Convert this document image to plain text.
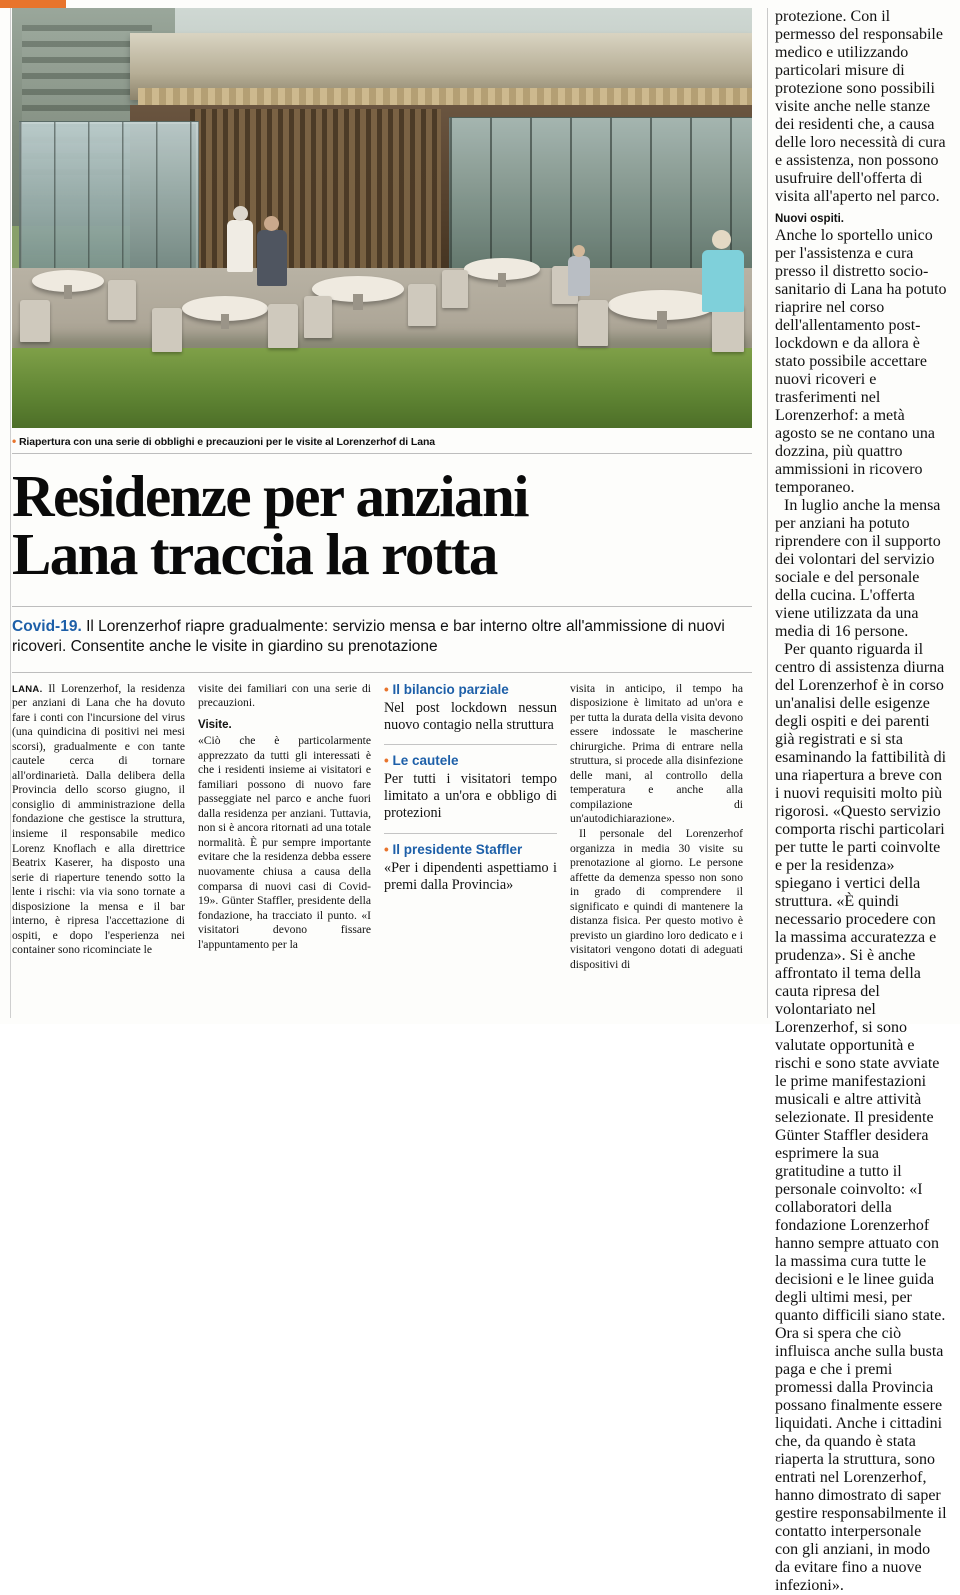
• Riapertura con una serie di obblighi e precauzioni per le visite al Lorenzerhof di Lana
Residenze per anziani
Lana traccia la rotta
Covid-19. Il Lorenzerhof riapre gradualmente: servizio mensa e bar interno oltre all'ammissione di nuovi ricoveri. Consentite anche le visite in giardino su prenotazione

LANA. Il Lorenzerhof, la residenza per anziani di Lana che ha dovuto fare i conti con l'incursione del virus (una quindicina di positivi nei mesi scorsi), gradualmente e con tante cautele cerca di tornare all'ordinarietà. Dalla delibera della Provincia dello scorso giugno, il consiglio di amministrazione della fondazione che gestisce la struttura, insieme il responsabile medico Lorenz Knoflach e alla direttrice Beatrix Kaserer, ha disposto una serie di riaperture tenendo sotto la lente i rischi: via via sono tornate a disposizione la mensa e il bar interno, è ripresa l'accettazione di ospiti, e dopo l'esperienza nei container sono ricominciate le

visite dei familiari con una serie di precauzioni.

Visite.

«Ciò che è particolarmente apprezzato da tutti gli interessati è che i residenti insieme ai visitatori e familiari possono di nuovo fare passeggiate nel parco e anche fuori dalla residenza per anziani. Tuttavia, non si è ancora ritornati ad una totale normalità. È pur sempre importante evitare che la residenza debba essere nuovamente chiusa a causa della comparsa di nuovi casi di Covid-19». Günter Staffler, presidente della fondazione, ha tracciato il punto. «I visitatori devono fissare l'appuntamento per la

• Il bilancio parziale
Nel post lockdown nessun nuovo contagio nella struttura
• Le cautele
Per tutti i visitatori tempo limitato a un'ora e obbligo di protezioni
• Il presidente Staffler
«Per i dipendenti aspettiamo i premi dalla Provincia»

visita in anticipo, il tempo ha disposizione è limitato ad un'ora e per tutta la durata della visita devono essere indossate le mascherine chirurgiche. Prima di entrare nella struttura, si procede alla disinfezione delle mani, al controllo della temperatura e anche alla compilazione di un'autodichiarazione».

Il personale del Lorenzerhof organizza in media 30 visite su prenotazione al giorno. Le persone affette da demenza spesso non sono in grado di comprendere il significato e quindi di mantenere la distanza fisica. Per questo motivo è previsto un giardino loro dedicato e i visitatori vengono dotati di adeguati dispositivi di

protezione. Con il permesso del responsabile medico e utilizzando particolari misure di protezione sono possibili visite anche nelle stanze dei residenti che, a causa delle loro necessità di cura e assistenza, non possono usufruire dell'offerta di visita all'aperto nel parco.

Nuovi ospiti.

Anche lo sportello unico per l'assistenza e cura presso il distretto socio-sanitario di Lana ha potuto riaprire nel corso dell'allentamento post-lockdown e da allora è stato possibile accettare nuovi ricoveri e trasferimenti nel Lorenzerhof: a metà agosto se ne contano una dozzina, più quattro ammissioni in ricovero temporaneo.

In luglio anche la mensa per anziani ha potuto riprendere con il supporto dei volontari del servizio sociale e del personale della cucina. L'offerta viene utilizzata da una media di 16 persone.

Per quanto riguarda il centro di assistenza diurna del Lorenzerhof è in corso un'analisi delle esigenze degli ospiti e dei parenti già registrati e si sta esaminando la fattibilità di una riapertura a breve con i nuovi requisiti molto più rigorosi. «Questo servizio comporta rischi particolari per tutte le parti coinvolte e per la residenza» spiegano i vertici della struttura. «È quindi necessario procedere con la massima accuratezza e prudenza». Si è anche affrontato il tema della cauta ripresa del volontariato nel Lorenzerhof, si sono valutate opportunità e rischi e sono state avviate le prime manifestazioni musicali e altre attività selezionate. Il presidente Günter Staffler desidera esprimere la sua gratitudine a tutto il personale coinvolto: «I collaboratori della fondazione Lorenzerhof hanno sempre attuato con la massima cura tutte le decisioni e le linee guida degli ultimi mesi, per quanto difficili siano state. Ora si spera che ciò influisca anche sulla busta paga e che i premi promessi dalla Provincia possano finalmente essere liquidati. Anche i cittadini che, da quando è stata riaperta la struttura, sono entrati nel Lorenzerhof, hanno dimostrato di saper gestire responsabilmente il contatto interpersonale con gli anziani, in modo da evitare fino a nuove infezioni».
